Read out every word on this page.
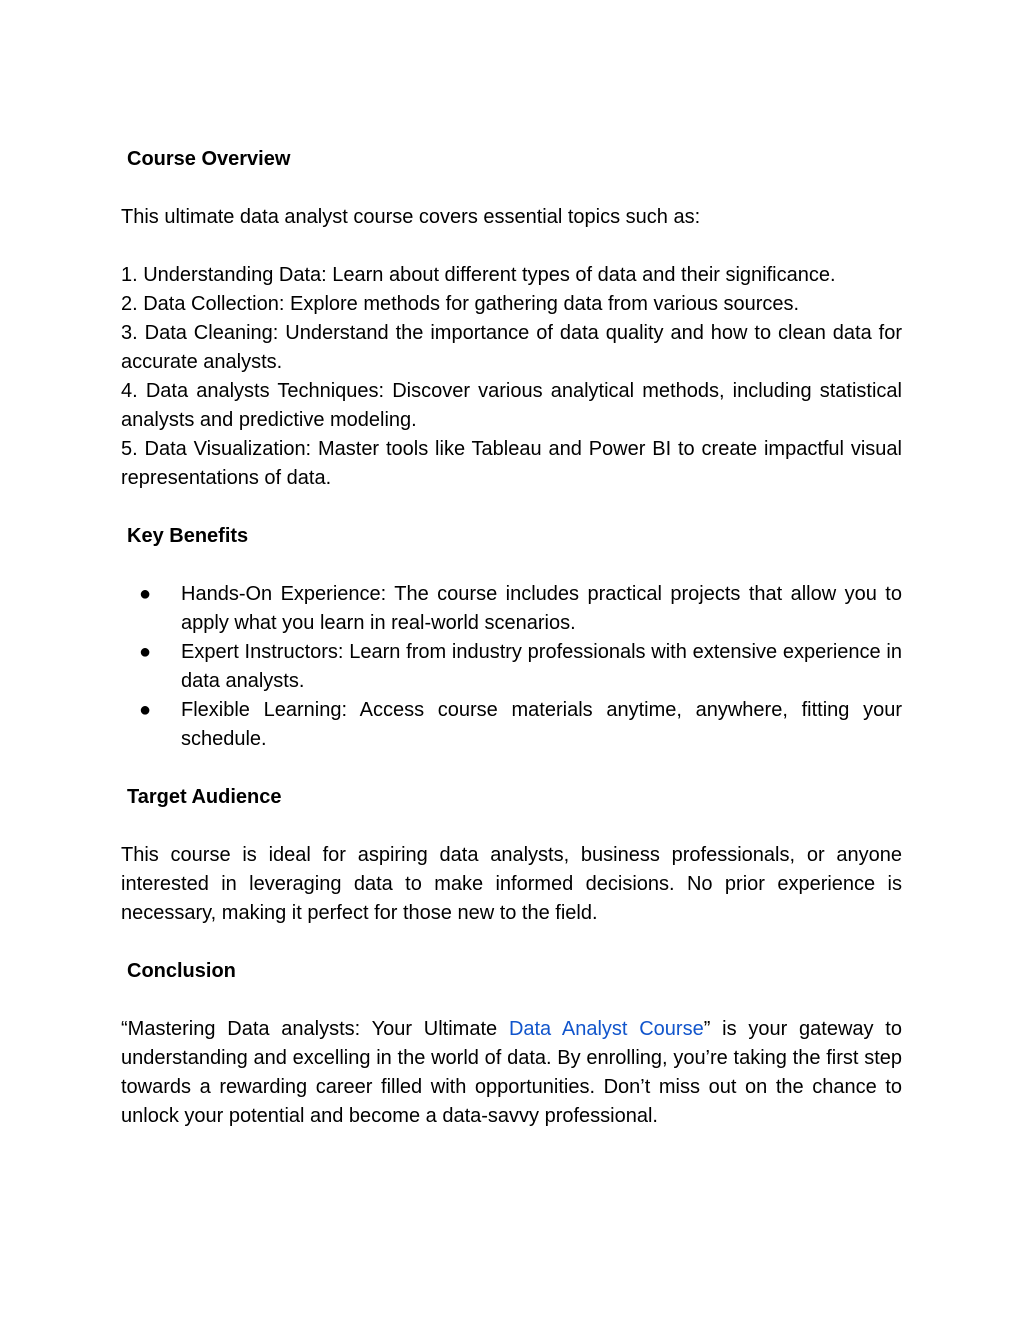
Course Overview

This ultimate data analyst course covers essential topics such as:

1. Understanding Data: Learn about different types of data and their significance.
2. Data Collection: Explore methods for gathering data from various sources.
3. Data Cleaning: Understand the importance of data quality and how to clean data for accurate analysts.
4. Data analysts Techniques: Discover various analytical methods, including statistical analysts and predictive modeling.
5. Data Visualization: Master tools like Tableau and Power BI to create impactful visual representations of data.

Key Benefits

● Hands-On Experience: The course includes practical projects that allow you to apply what you learn in real-world scenarios.
● Expert Instructors: Learn from industry professionals with extensive experience in data analysts.
● Flexible Learning: Access course materials anytime, anywhere, fitting your schedule.

Target Audience

This course is ideal for aspiring data analysts, business professionals, or anyone interested in leveraging data to make informed decisions. No prior experience is necessary, making it perfect for those new to the field.

Conclusion

“Mastering Data analysts: Your Ultimate Data Analyst Course” is your gateway to understanding and excelling in the world of data. By enrolling, you’re taking the first step towards a rewarding career filled with opportunities. Don’t miss out on the chance to unlock your potential and become a data-savvy professional.
